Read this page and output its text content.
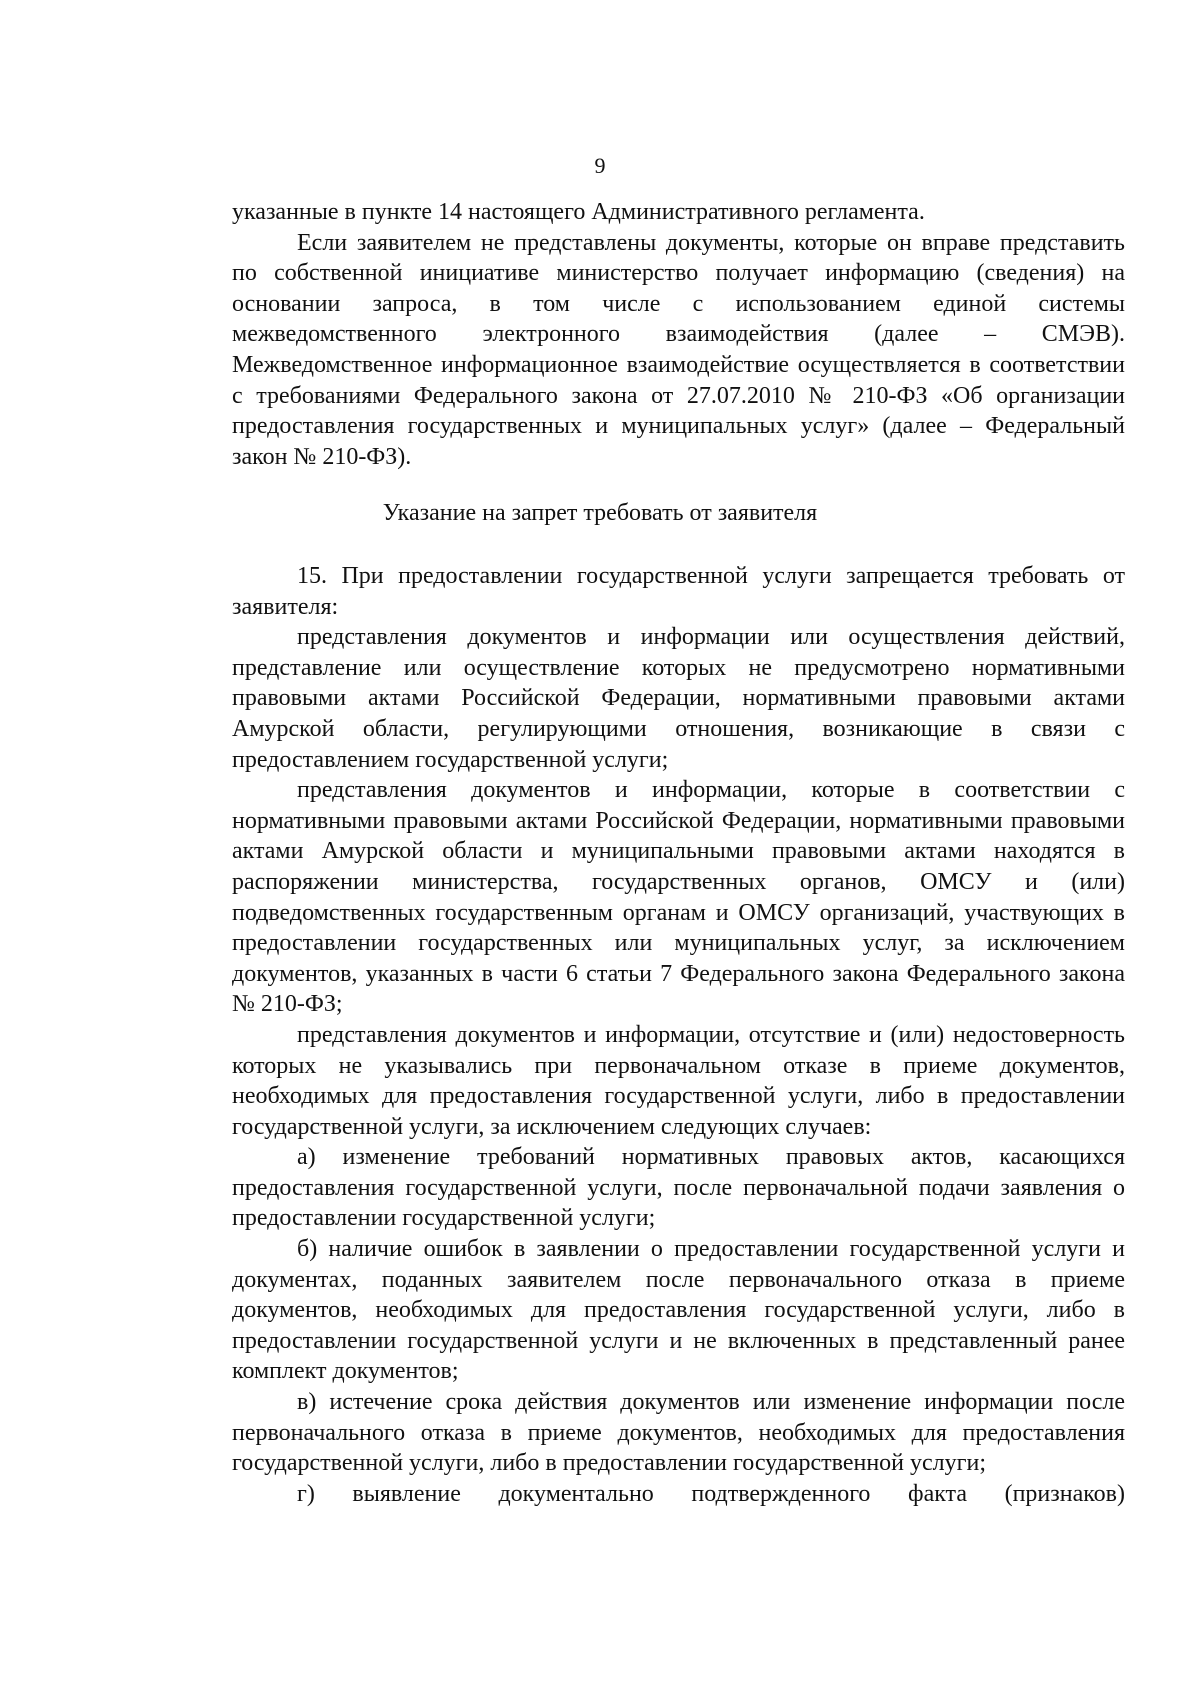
9

указанные в пункте 14 настоящего Административного регламента.

Если заявителем не представлены документы, которые он вправе представить по собственной инициативе министерство получает информацию (сведения) на основании запроса, в том числе с использованием единой системы межведомственного электронного взаимодействия (далее – СМЭВ). Межведомственное информационное взаимодействие осуществляется в соответствии с требованиями Федерального закона от 27.07.2010 № 210-ФЗ «Об организации предоставления государственных и муниципальных услуг» (далее – Федеральный закон № 210-ФЗ).

Указание на запрет требовать от заявителя

15. При предоставлении государственной услуги запрещается требовать от заявителя:

представления документов и информации или осуществления действий, представление или осуществление которых не предусмотрено нормативными правовыми актами Российской Федерации, нормативными правовыми актами Амурской области, регулирующими отношения, возникающие в связи с предоставлением государственной услуги;

представления документов и информации, которые в соответствии с нормативными правовыми актами Российской Федерации, нормативными правовыми актами Амурской области и муниципальными правовыми актами находятся в распоряжении министерства, государственных органов, ОМСУ и (или) подведомственных государственным органам и ОМСУ организаций, участвующих в предоставлении государственных или муниципальных услуг, за исключением документов, указанных в части 6 статьи 7 Федерального закона Федерального закона № 210-ФЗ;

представления документов и информации, отсутствие и (или) недостоверность которых не указывались при первоначальном отказе в приеме документов, необходимых для предоставления государственной услуги, либо в предоставлении государственной услуги, за исключением следующих случаев:

а) изменение требований нормативных правовых актов, касающихся предоставления государственной услуги, после первоначальной подачи заявления о предоставлении государственной услуги;

б) наличие ошибок в заявлении о предоставлении государственной услуги и документах, поданных заявителем после первоначального отказа в приеме документов, необходимых для предоставления государственной услуги, либо в предоставлении государственной услуги и не включенных в представленный ранее комплект документов;

в) истечение срока действия документов или изменение информации после первоначального отказа в приеме документов, необходимых для предоставления государственной услуги, либо в предоставлении государственной услуги;

г) выявление документально подтвержденного факта (признаков)
